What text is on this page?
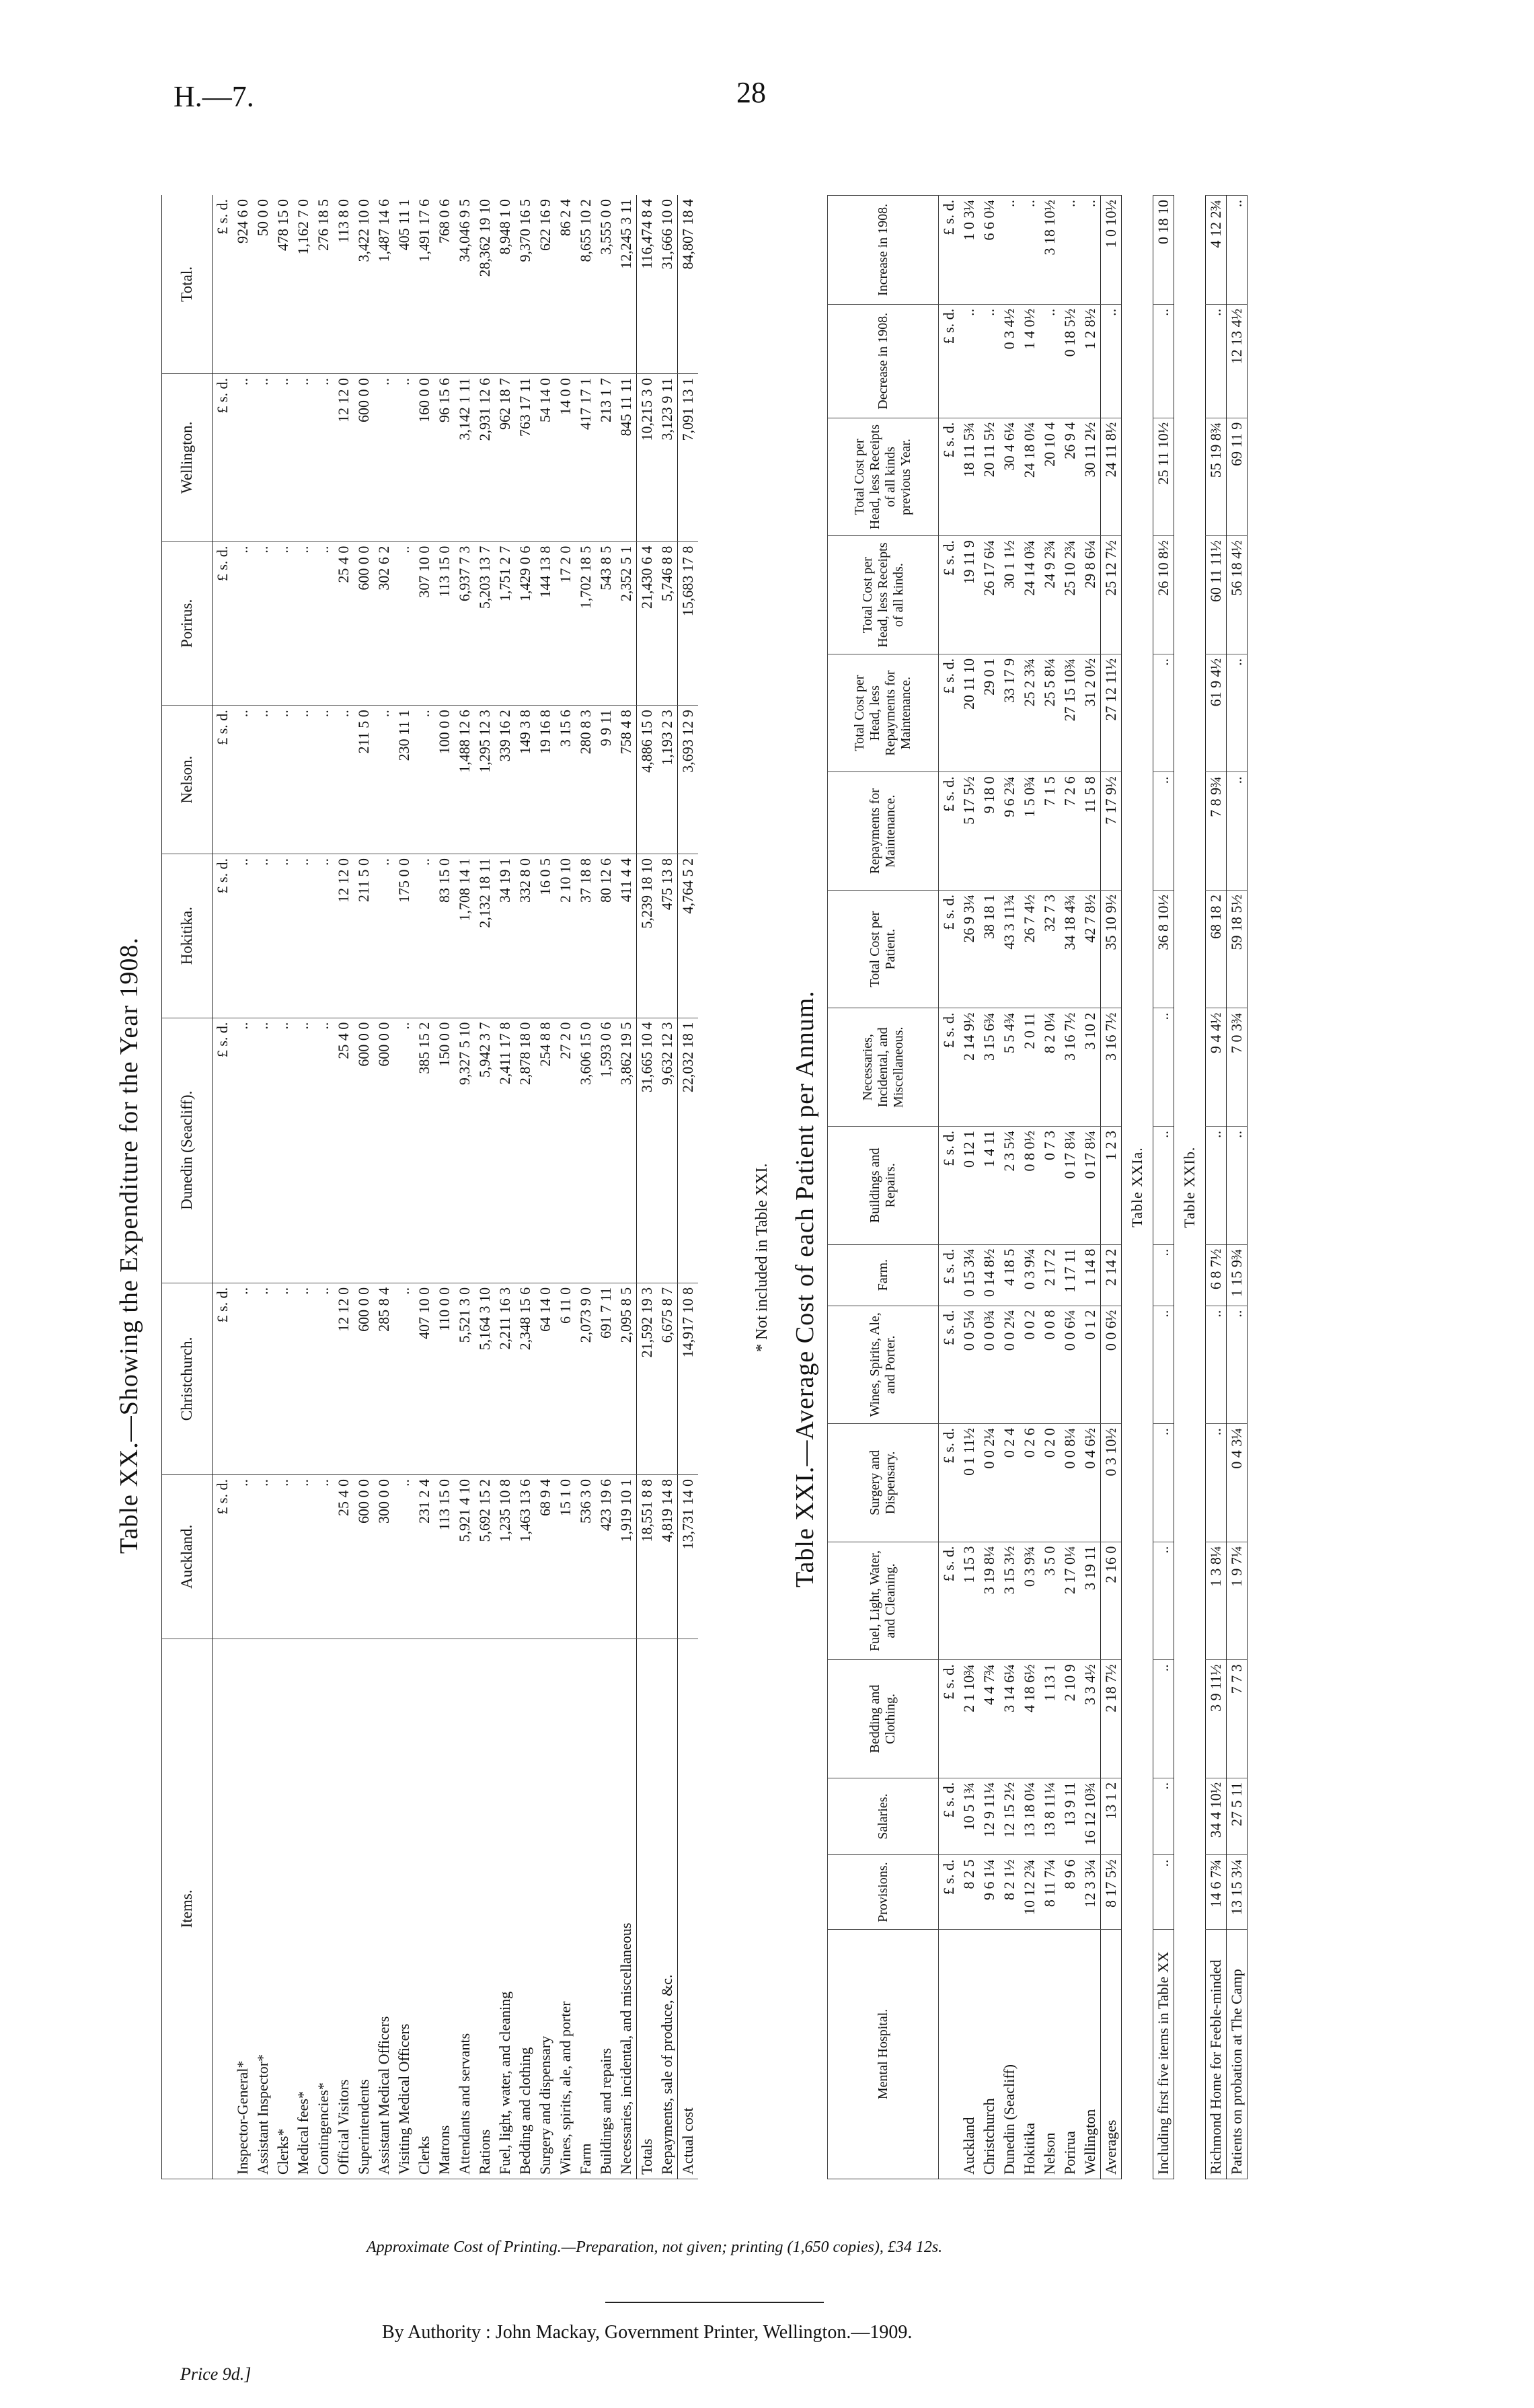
H.—7.	28
Table XX.—Showing the Expenditure for the Year 1908.
Items.	Auckland.	Christchurch.	Dunedin (Seacliff).	Hokitika.	Nelson.	Porirus.	Wellington.	Total.
	£ s. d.	£ s. d.	£ s. d.	£ s. d.	£ s. d.	£ s. d.	£ s. d.	£ s. d.
Inspector-General*	..	..	..	..	..	..	..	924 6 0
Assistant Inspector*	..	..	..	..	..	..	..	50 0 0
Clerks*	..	..	..	..	..	..	..	478 15 0
Medical fees*	..	..	..	..	..	..	..	1,162 7 0
Contingencies*	..	..	..	..	..	..	..	276 18 5
Official Visitors	25 4 0	12 12 0	25 4 0	12 12 0	..	25 4 0	12 12 0	113 8 0
Superintendents	600 0 0	600 0 0	600 0 0	211 5 0	211 5 0	600 0 0	600 0 0	3,422 10 0
Assistant Medical Officers	300 0 0	285 8 4	600 0 0	..	..	302 6 2	..	1,487 14 6
Visiting Medical Officers	..	..	..	175 0 0	230 11 1	..	..	405 11 1
Clerks	231 2 4	407 10 0	385 15 2	..	..	307 10 0	160 0 0	1,491 17 6
Matrons	113 15 0	110 0 0	150 0 0	83 15 0	100 0 0	113 15 0	96 15 6	768 0 6
Attendants and servants	5,921 4 10	5,521 3 0	9,327 5 10	1,708 14 1	1,488 12 6	6,937 7 3	3,142 1 11	34,046 9 5
Rations	5,692 15 2	5,164 3 10	5,942 3 7	2,132 18 11	1,295 12 3	5,203 13 7	2,931 12 6	28,362 19 10
Fuel, light, water, and cleaning	1,235 10 8	2,211 16 3	2,411 17 8	34 19 1	339 16 2	1,751 2 7	962 18 7	8,948 1 0
Bedding and clothing	1,463 13 6	2,348 15 6	2,878 18 0	332 8 0	149 3 8	1,429 0 6	763 17 11	9,370 16 5
Surgery and dispensary	68 9 4	64 14 0	254 8 8	16 0 5	19 16 8	144 13 8	54 14 0	622 16 9
Wines, spirits, ale, and porter	15 1 0	6 11 0	27 2 0	2 10 10	3 15 6	17 2 0	14 0 0	86 2 4
Farm	536 3 0	2,073 9 0	3,606 15 0	37 18 8	280 8 3	1,702 18 5	417 17 1	8,655 10 2
Buildings and repairs	423 19 6	691 7 11	1,593 0 6	80 12 6	9 9 11	543 8 5	213 1 7	3,555 0 0
Necessaries, incidental, and miscellaneous	1,919 10 1	2,095 8 5	3,862 19 5	411 4 4	758 4 8	2,352 5 1	845 11 11	12,245 3 11
Totals	18,551 8 8	21,592 19 3	31,665 10 4	5,239 18 10	4,886 15 0	21,430 6 4	10,215 3 0	116,474 8 4
Repayments, sale of produce, &c.	4,819 14 8	6,675 8 7	9,632 12 3	475 13 8	1,193 2 3	5,746 8 8	3,123 9 11	31,666 10 0
Actual cost	13,731 14 0	14,917 10 8	22,032 18 1	4,764 5 2	3,693 12 9	15,683 17 8	7,091 13 1	84,807 18 4
* Not included in Table XXI. Table XXI.—Average Cost of each Patient per Annum.
Mental Hospital.	Provisions.	Salaries.	Bedding and Clothing.	Fuel, Light, Water, and Cleaning.	Surgery and Dispensary.	Wines, Spirits, Ale, and Porter.	Farm.	Buildings and Repairs.	Necessaries, Incidental, and Miscellaneous.	Total Cost per Patient.	Repayments for Maintenance.	Total Cost per Head, less Repayments for Maintenance.	Total Cost per Head, less Receipts of all kinds.	Total Cost per Head, less Receipts of all kinds previous Year.	Decrease in 1908.	Increase in 1908.
	£ s. d.	£ s. d.	£ s. d.	£ s. d.	£ s. d.	£ s. d.	£ s. d.	£ s. d.	£ s. d.	£ s. d.	£ s. d.	£ s. d.	£ s. d.	£ s. d.	£ s. d.	£ s. d.
Auckland	8 2 5	10 5 1¾	2 1 10¾	1 15 3	0 1 11½	0 0 5¼	0 15 3¼	0 12 1	2 14 9½	26 9 3¼	5 17 5½	20 11 10	19 11 9	18 11 5¾	..	1 0 3¼
Christchurch	9 6 1¼	12 9 11¼	4 4 7¾	3 19 8¼	0 0 2¼	0 0 0¾	0 14 8½	1 4 11	3 15 6¾	38 18 1	9 18 0	29 0 1	26 17 6¼	20 11 5½	..	6 6 0¼
Dunedin (Seacliff)	8 2 1½	12 15 2½	3 14 6¼	3 15 3½	0 2 4	0 0 2¼	4 18 5	2 3 5¼	5 5 4¾	43 3 11¾	9 6 2¾	33 17 9	30 1 1½	30 4 6¼	0 3 4½	..
Hokitika	10 12 2¾	13 18 0¼	4 18 6½	0 3 9¾	0 2 6	0 0 2	0 3 9¼	0 8 0½	2 0 11	26 7 4½	1 5 0¾	25 2 3¾	24 14 0¾	24 18 0¼	1 4 0½	..
Nelson	8 11 7¼	13 8 11¼	1 13 1	3 5 0	0 2 0	0 0 8	2 17 2	0 7 3	8 2 0¼	32 7 3	7 1 5	25 5 8¼	24 9 2¾	20 10 4	..	3 18 10½
Porirua	8 9 6	13 9 11	2 10 9	2 17 0¼	0 0 8¼	0 0 6¼	1 17 11	0 17 8¼	3 16 7½	34 18 4¾	7 2 6	27 15 10¾	25 10 2¾	26 9 4	0 18 5½	..
Wellington	12 3 3¼	16 12 10¾	3 3 4½	3 19 11	0 4 6½	0 1 2	1 14 8	0 17 8¼	3 10 2	42 7 8½	11 5 8	31 2 0½	29 8 6¼	30 11 2½	1 2 8½	..
Averages	8 17 5½	13 1 2	2 18 7½	2 16 0	0 3 10½	0 0 6½	2 14 2	1 2 3	3 16 7½	35 10 9½	7 17 9½	27 12 11½	25 12 7½	24 11 8½	..	1 0 10½
Table XXIa.																
Including first five items in Table XX	..	..	..	..	..	..	..	..	..	36 8 10½	..	..	26 10 8½	25 11 10½	..	0 18 10
Table XXIb.																
Richmond Home for Feeble-minded	14 6 7¾	34 4 10½	3 9 11½	1 3 8¼	..	..	6 8 7½	..	9 4 4½	68 18 2	7 8 9¾	61 9 4½	60 11 11½	55 19 8¾	..	4 12 2¾
Patients on probation at The Camp	13 15 3¼	27 5 11	7 7 3	1 9 7¼	0 4 3¼	..	1 15 9¾	..	7 0 3¾	59 18 5½	..	..	56 18 4½	69 11 9	12 13 4½	..
Approximate Cost of Printing.—Preparation, not given; printing (1,650 copies), £34 12s.
By Authority : John Mackay, Government Printer, Wellington.—1909.
Price 9d.]
